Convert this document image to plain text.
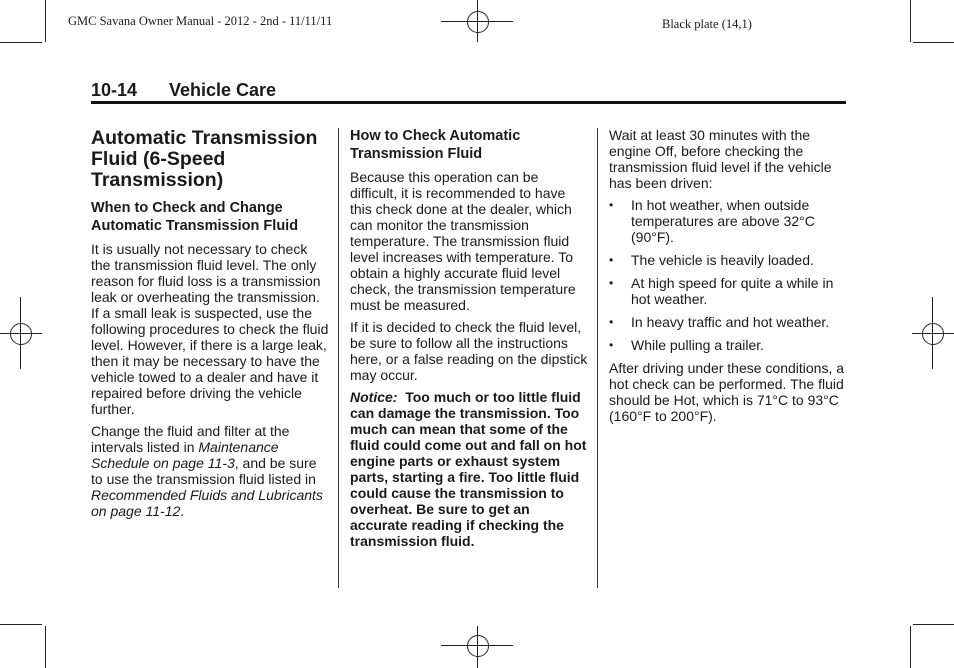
GMC Savana Owner Manual - 2012 - 2nd - 11/11/11	Black plate (14,1)
10-14 Vehicle Care
Automatic Transmission Fluid (6-Speed Transmission)
When to Check and Change Automatic Transmission Fluid

It is usually not necessary to check the transmission fluid level. The only reason for fluid loss is a transmission leak or overheating the transmission. If a small leak is suspected, use the following procedures to check the fluid level. However, if there is a large leak, then it may be necessary to have the vehicle towed to a dealer and have it repaired before driving the vehicle further.

Change the fluid and filter at the intervals listed in Maintenance Schedule on page 11-3, and be sure to use the transmission fluid listed in Recommended Fluids and Lubricants on page 11-12.

How to Check Automatic Transmission Fluid

Because this operation can be difficult, it is recommended to have this check done at the dealer, which can monitor the transmission temperature. The transmission fluid level increases with temperature. To obtain a highly accurate fluid level check, the transmission temperature must be measured.

If it is decided to check the fluid level, be sure to follow all the instructions here, or a false reading on the dipstick may occur.

Notice: Too much or too little fluid can damage the transmission. Too much can mean that some of the fluid could come out and fall on hot engine parts or exhaust system parts, starting a fire. Too little fluid could cause the transmission to overheat. Be sure to get an accurate reading if checking the transmission fluid.

Wait at least 30 minutes with the engine Off, before checking the transmission fluid level if the vehicle has been driven:

• In hot weather, when outside temperatures are above 32°C (90°F).
• The vehicle is heavily loaded.
• At high speed for quite a while in hot weather.
• In heavy traffic and hot weather.
• While pulling a trailer.

After driving under these conditions, a hot check can be performed. The fluid should be Hot, which is 71°C to 93°C (160°F to 200°F).
